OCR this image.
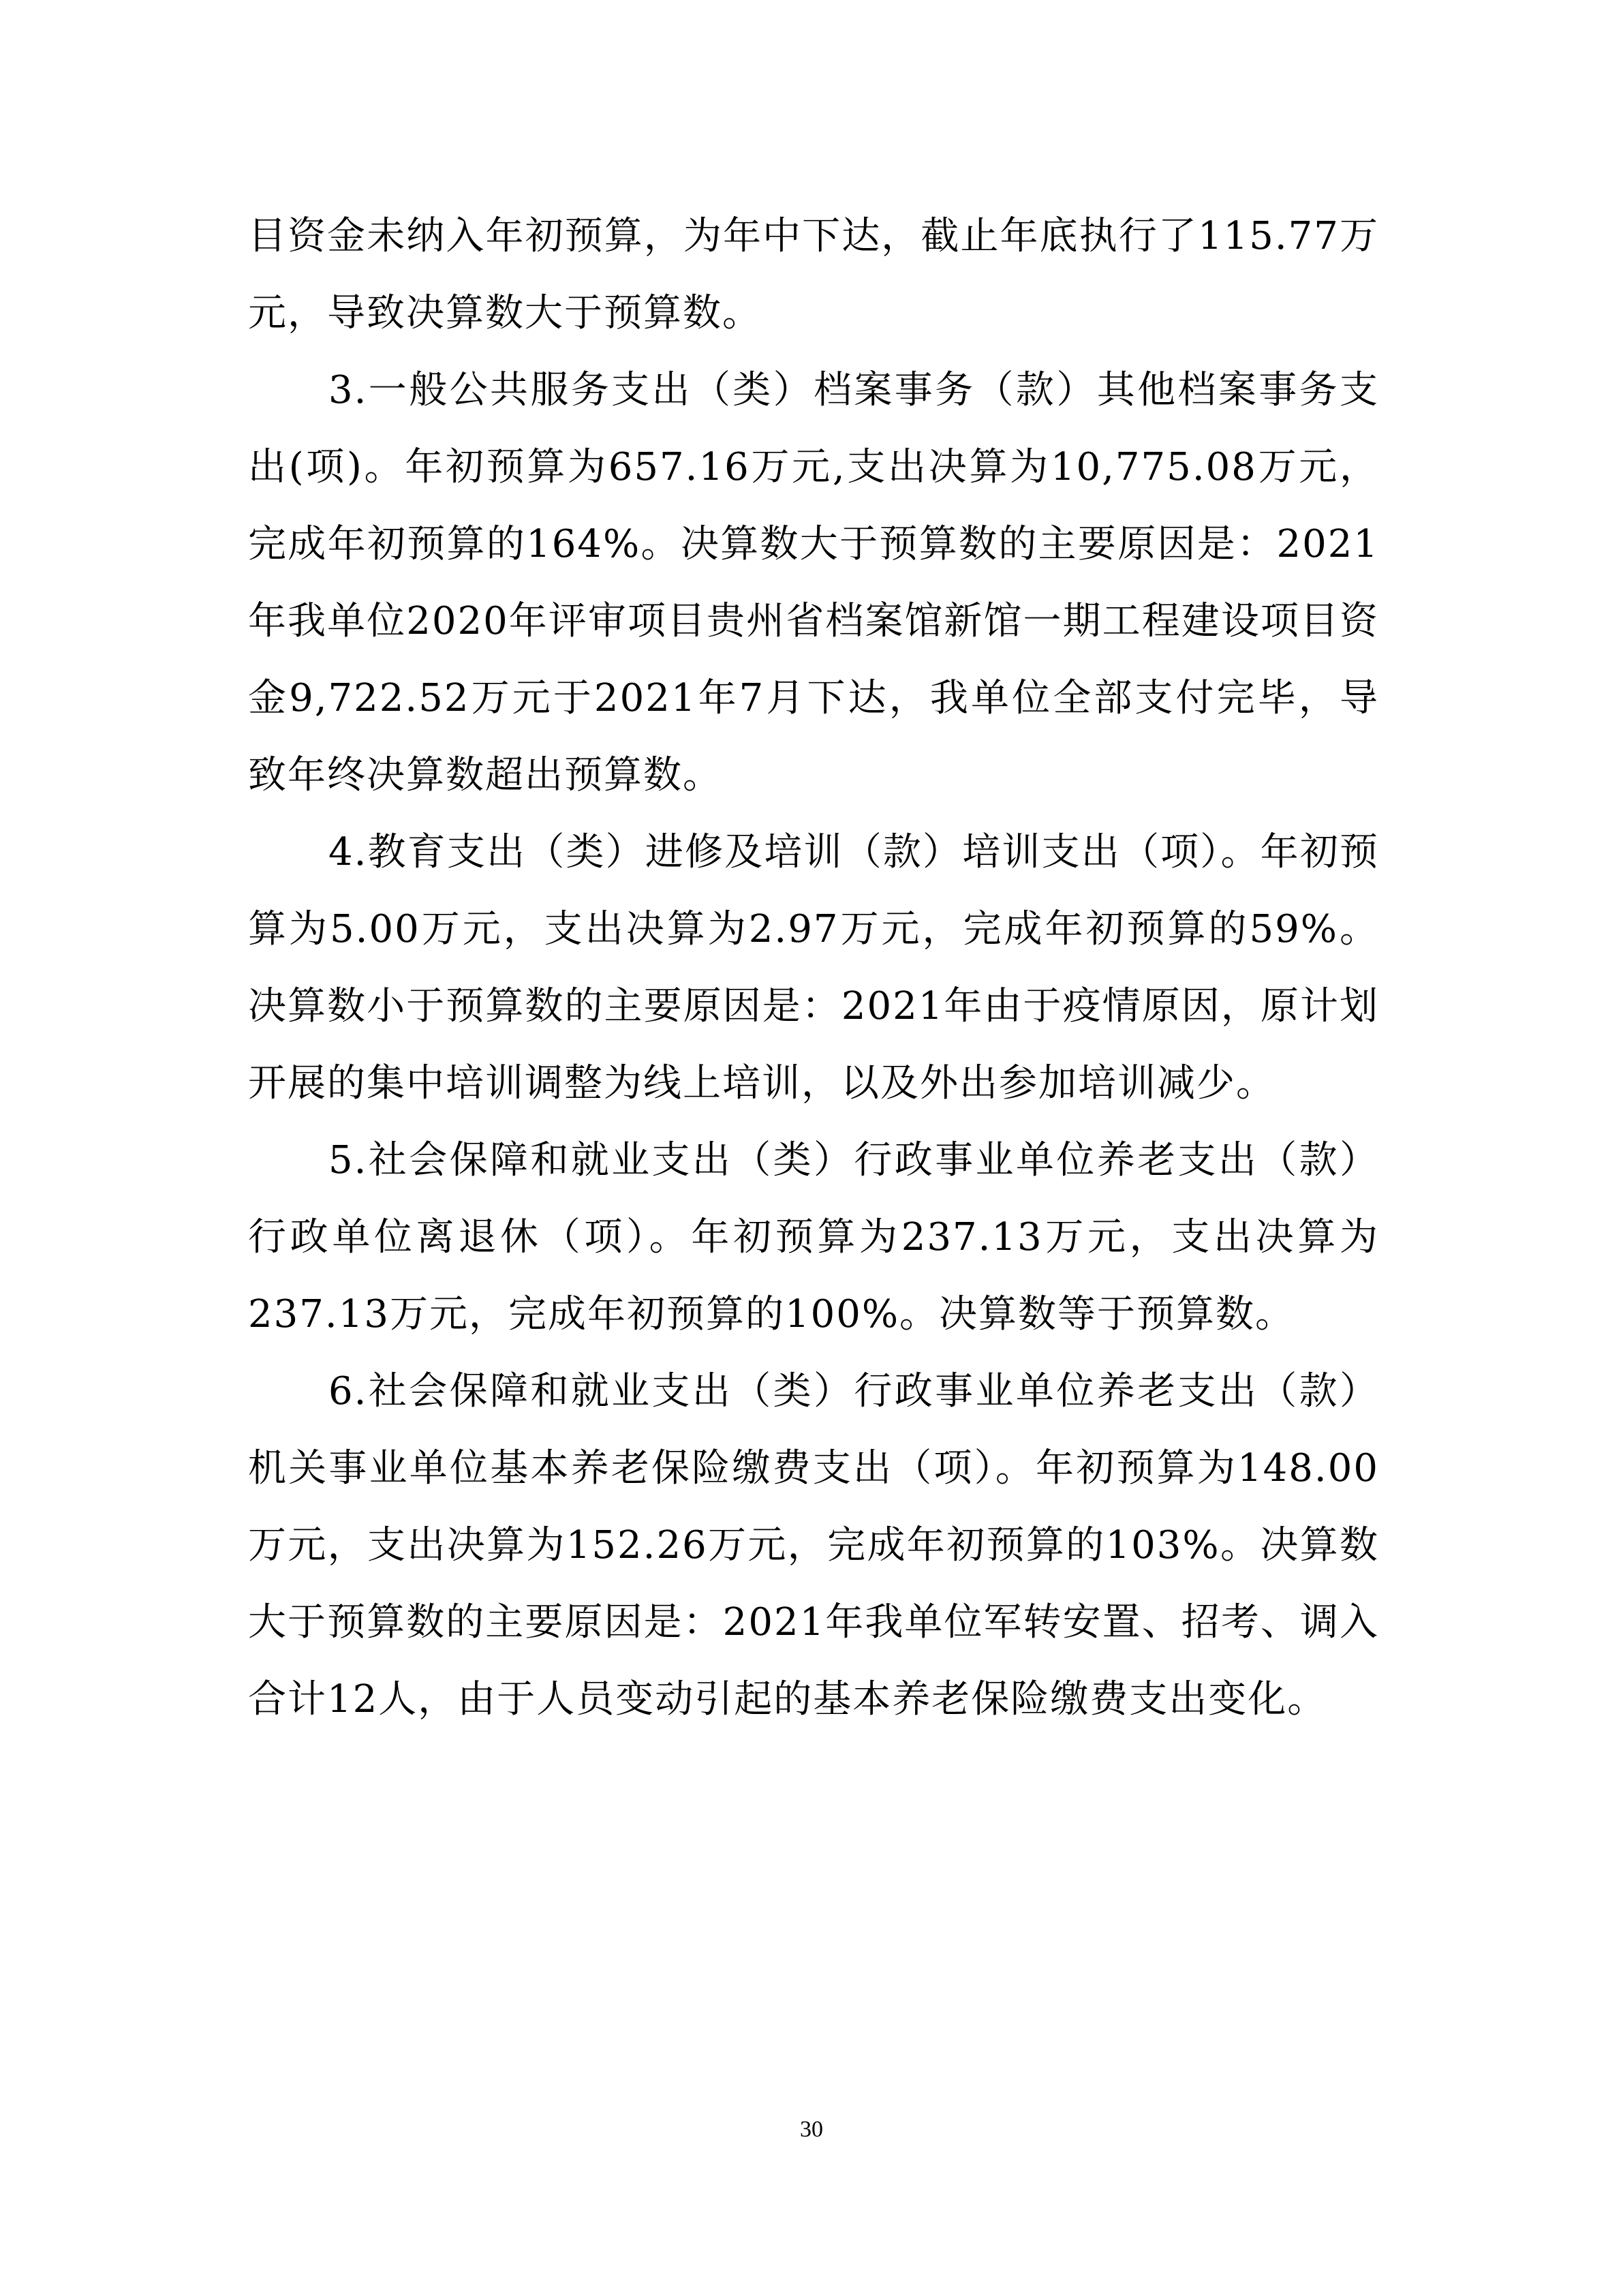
目资金未纳入年初预算，为年中下达，截止年底执行了115.77万元，导致决算数大于预算数。

3.一般公共服务支出（类）档案事务（款）其他档案事务支出(项)。年初预算为657.16万元,支出决算为10,775.08万元，完成年初预算的164%。决算数大于预算数的主要原因是：2021年我单位2020年评审项目贵州省档案馆新馆一期工程建设项目资金9,722.52万元于2021年7月下达，我单位全部支付完毕，导致年终决算数超出预算数。

4.教育支出（类）进修及培训（款）培训支出（项）。年初预算为5.00万元，支出决算为2.97万元，完成年初预算的59%。决算数小于预算数的主要原因是：2021年由于疫情原因，原计划开展的集中培训调整为线上培训，以及外出参加培训减少。

5.社会保障和就业支出（类）行政事业单位养老支出（款）行政单位离退休（项）。年初预算为237.13万元，支出决算为237.13万元，完成年初预算的100%。决算数等于预算数。

6.社会保障和就业支出（类）行政事业单位养老支出（款）机关事业单位基本养老保险缴费支出（项）。年初预算为148.00万元，支出决算为152.26万元，完成年初预算的103%。决算数大于预算数的主要原因是：2021年我单位军转安置、招考、调入合计12人，由于人员变动引起的基本养老保险缴费支出变化。

30
